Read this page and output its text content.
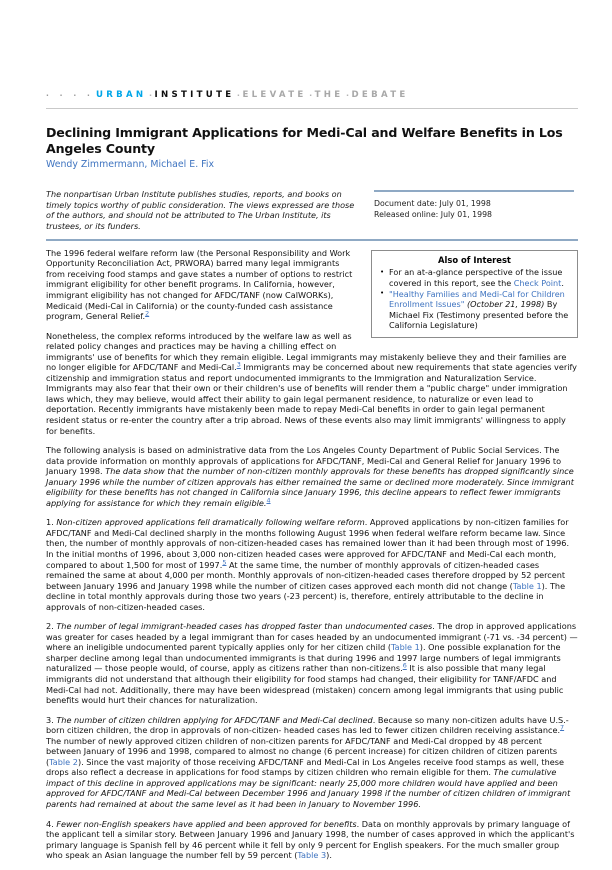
· · · · URBAN · INSTITUTE · ELEVATE · THE · DEBATE
Declining Immigrant Applications for Medi-Cal and Welfare Benefits in Los Angeles County
Wendy Zimmermann, Michael E. Fix
The nonpartisan Urban Institute publishes studies, reports, and books on timely topics worthy of public consideration. The views expressed are those of the authors, and should not be attributed to The Urban Institute, its trustees, or its funders.
Document date: July 01, 1998
Released online: July 01, 1998
Also of Interest
• For an at-a-glance perspective of the issue covered in this report, see the Check Point.
• "Healthy Families and Medi-Cal for Children Enrollment Issues" (October 21, 1998) By Michael Fix (Testimony presented before the California Legislature)

The 1996 federal welfare reform law (the Personal Responsibility and Work Opportunity Reconciliation Act, PRWORA) barred many legal immigrants from receiving food stamps and gave states a number of options to restrict immigrant eligibility for other benefit programs. In California, however, immigrant eligibility has not changed for AFDC/TANF (now CalWORKs), Medicaid (Medi-Cal in California) or the county-funded cash assistance program, General Relief.$^2$

Nonetheless, the complex reforms introduced by the welfare law as well as related policy changes and practices may be having a chilling effect on immigrants' use of benefits for which they remain eligible. Legal immigrants may mistakenly believe they and their families are no longer eligible for AFDC/TANF and Medi-Cal.$^3$ Immigrants may be concerned about new requirements that state agencies verify citizenship and immigration status and report undocumented immigrants to the Immigration and Naturalization Service. Immigrants may also fear that their own or their children's use of benefits will render them a "public charge" under immigration laws which, they may believe, would affect their ability to gain legal permanent residence, to naturalize or even lead to deportation. Recently immigrants have mistakenly been made to repay Medi-Cal benefits in order to gain legal permanent resident status or re-enter the country after a trip abroad. News of these events also may limit immigrants' willingness to apply for benefits.

The following analysis is based on administrative data from the Los Angeles County Department of Public Social Services. The data provide information on monthly approvals of applications for AFDC/TANF, Medi-Cal and General Relief for January 1996 to January 1998. The data show that the number of non-citizen monthly approvals for these benefits has dropped significantly since January 1996 while the number of citizen approvals has either remained the same or declined more moderately. Since immigrant eligibility for these benefits has not changed in California since January 1996, this decline appears to reflect fewer immigrants applying for assistance for which they remain eligible.$^4$

1. Non-citizen approved applications fell dramatically following welfare reform. Approved applications by non-citizen families for AFDC/TANF and Medi-Cal declined sharply in the months following August 1996 when federal welfare reform became law. Since then, the number of monthly approvals of non-citizen-headed cases has remained lower than it had been through most of 1996. In the initial months of 1996, about 3,000 non-citizen headed cases were approved for AFDC/TANF and Medi-Cal each month, compared to about 1,500 for most of 1997.$^5$ At the same time, the number of monthly approvals of citizen-headed cases remained the same at about 4,000 per month. Monthly approvals of non-citizen-headed cases therefore dropped by 52 percent between January 1996 and January 1998 while the number of citizen cases approved each month did not change (Table 1). The decline in total monthly approvals during those two years (-23 percent) is, therefore, entirely attributable to the decline in approvals of non-citizen-headed cases.

2. The number of legal immigrant-headed cases has dropped faster than undocumented cases. The drop in approved applications was greater for cases headed by a legal immigrant than for cases headed by an undocumented immigrant (-71 vs. -34 percent) — where an ineligible undocumented parent typically applies only for her citizen child (Table 1). One possible explanation for the sharper decline among legal than undocumented immigrants is that during 1996 and 1997 large numbers of legal immigrants naturalized — those people would, of course, apply as citizens rather than non-citizens.$^6$ It is also possible that many legal immigrants did not understand that although their eligibility for food stamps had changed, their eligibility for TANF/AFDC and Medi-Cal had not. Additionally, there may have been widespread (mistaken) concern among legal immigrants that using public benefits would hurt their chances for naturalization.

3. The number of citizen children applying for AFDC/TANF and Medi-Cal declined. Because so many non-citizen adults have U.S.-born citizen children, the drop in approvals of non-citizen- headed cases has led to fewer citizen children receiving assistance.$^7$ The number of newly approved citizen children of non-citizen parents for AFDC/TANF and Medi-Cal dropped by 48 percent between January of 1996 and 1998, compared to almost no change (6 percent increase) for citizen children of citizen parents (Table 2). Since the vast majority of those receiving AFDC/TANF and Medi-Cal in Los Angeles receive food stamps as well, these drops also reflect a decrease in applications for food stamps by citizen children who remain eligible for them. The cumulative impact of this decline in approved applications may be significant: nearly 25,000 more children would have applied and been approved for AFDC/TANF and Medi-Cal between December 1996 and January 1998 if the number of citizen children of immigrant parents had remained at about the same level as it had been in January to November 1996.

4. Fewer non-English speakers have applied and been approved for benefits. Data on monthly approvals by primary language of the applicant tell a similar story. Between January 1996 and January 1998, the number of cases approved in which the applicant's primary language is Spanish fell by 46 percent while it fell by only 9 percent for English speakers. For the much smaller group who speak an Asian language the number fell by 59 percent (Table 3).
